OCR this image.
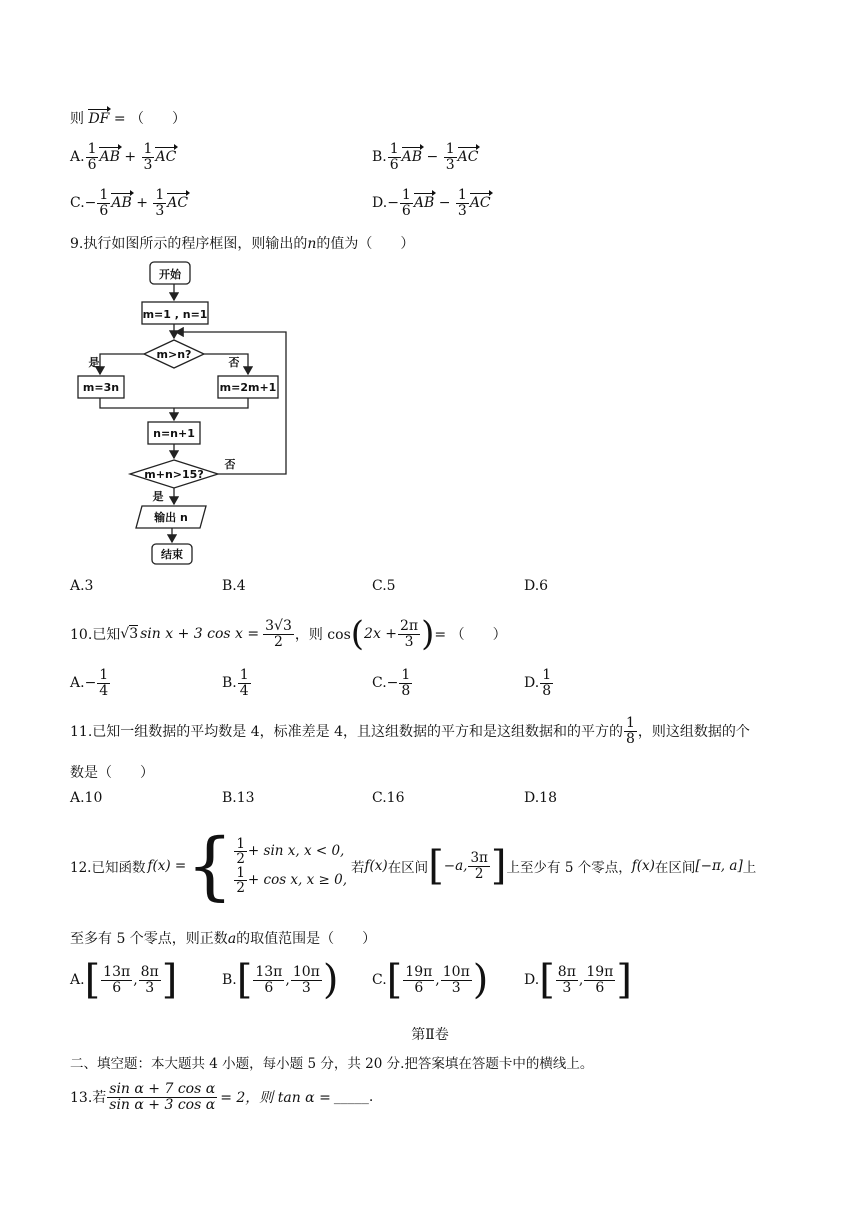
则 DF = （　　）
A. $\frac{1}{6}$ AB + $\frac{1}{3}$ AC	B. $\frac{1}{6}$ AB − $\frac{1}{3}$ AC
$C.- \frac{1}{6}$ AB + $\frac{1}{3}$ AC	$D.- \frac{1}{6}$ AB − $\frac{1}{3}$ AC
9.执行如图所示的程序框图，则输出的n的值为（　　）
开始
m=1 , n=1
m>n?
是	否
m=3n	m=2m+1
n=n+1
m+n>15?
是
否
输出 n
结束
A.3	B.4	C.5	D.6
10.已知 √3 sin x + 3 $\cos x = \frac{3√3}{2}$ ，则 cos ( $2x + \frac{2\pi}{3}$ ) = （　　）
$A.- \frac{1}{4}$	B. $\frac{1}{4}$	$C.- \frac{1}{8}$	D. $\frac{1}{8}$
11.已知一组数据的平均数是 4，标准差是 4，且这组数据的平方和是这组数据和的平方的 $\frac{1}{8}$ ，则这组数据的个
数是（　　）
A.10	B.13	C.16	D.18
12.已知函数 f(x) = { $\frac{1}{2} + \sin x$, x < 0,
$\frac{1}{2} + \cos x$, x ≥ 0,
若 f(x) 在区间 [ −a, $\frac{3\pi}{2}$ ] 上至少有 5 个零点， f(x) 在区间 [−π, a] 上
至多有 5 个零点，则正数a的取值范围是（　　）
A. [ $\frac{13\pi}{6}$ , $\frac{8\pi}{3}$ ]	B. [ $\frac{13\pi}{6}$ , $\frac{10\pi}{3}$ ) C. [ $\frac{19\pi}{6}$ , $\frac{10\pi}{3}$ )	D. [ $\frac{8\pi}{3}$ , $\frac{19\pi}{6}$ ]
第Ⅱ卷
二、填空题：本大题共 4 小题，每小题 5 分，共 20 分.把答案填在答题卡中的横线上。
13.若 $\frac{\text{sin α + 7 cos α}}{\text{sin α + 3 cos α}} = 2$，则 tan α = _____.
